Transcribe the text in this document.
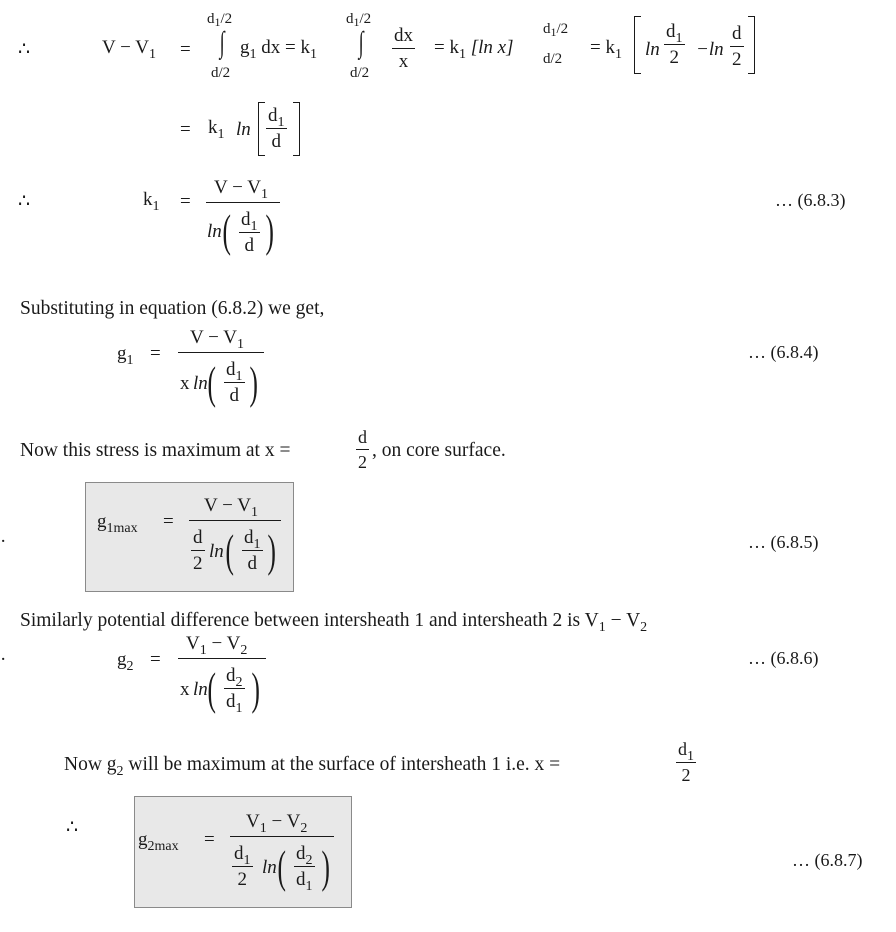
∴	$V - V_1$ =
$d_1/2$
∫
d/2
$g_1$ dx = $k_1$
$d_1/2$
∫
d/2
dx
x
= $k_1$ [ln x]
$d_1/2$
d/2
= $k_1$ ln
$d_1$
2 −ln
d
2
= $k_1$ ln
$d_1$
d
∴	$k_1$ =
$V - V_1$
ln ( $d_1$
d )
… (6.8.3)
Substituting in equation (6.8.2) we get,
$g_1$ =
$V - V_1$
x ln ( $d_1$
d )
… (6.8.4)
Now this stress is maximum at x =
d
2
, on core surface.
·
$g_{1max}$ =
$V - V_1$
d
2
ln ( $d_1$
d )	… (6.8.5)
Similarly potential difference between intersheath 1 and intersheath 2 is $V_1 - V_2$
·	$g_2$ =
$V_1 - V_2$
x ln ( $d_2$
$d_1$ )
… (6.8.6)
Now $g_2$ will be maximum at the surface of intersheath 1 i.e. x =
$d_1$
2
∴
$g_{2max}$ =
$V_1 - V_2$
$d_1$
2
ln ( $d_2$
$d_1$ )	… (6.8.7)
